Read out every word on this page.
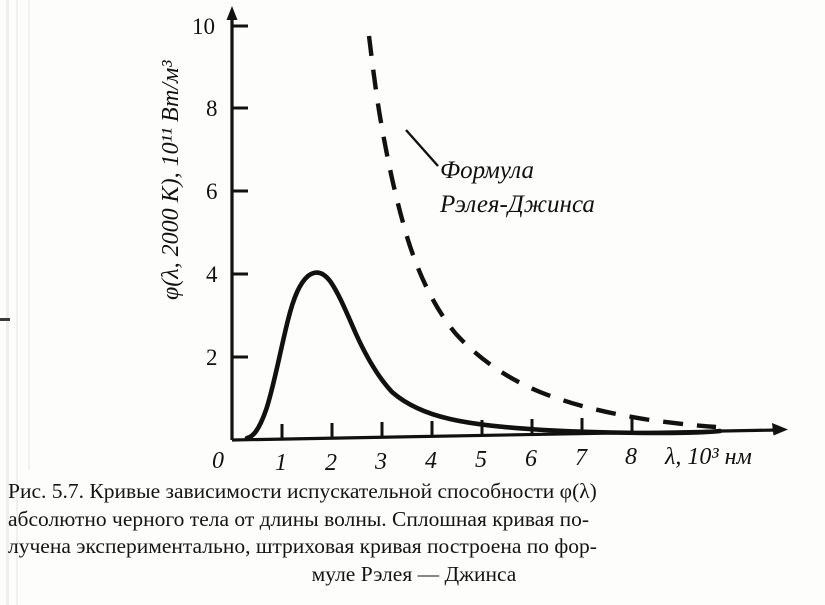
10
8
6
4
2
1 2 3 4 5 6 7 8
0	λ, 10³ нм
φ(λ, 2000 K), 10¹¹ Вт/м³	Формула
Рэлея-Джинса
Рис. 5.7. Кривые зависимости испускательной способности φ(λ)
абсолютно черного тела от длины волны. Сплошная кривая по-
лучена экспериментально, штриховая кривая построена по фор-
муле Рэлея — Джинса
